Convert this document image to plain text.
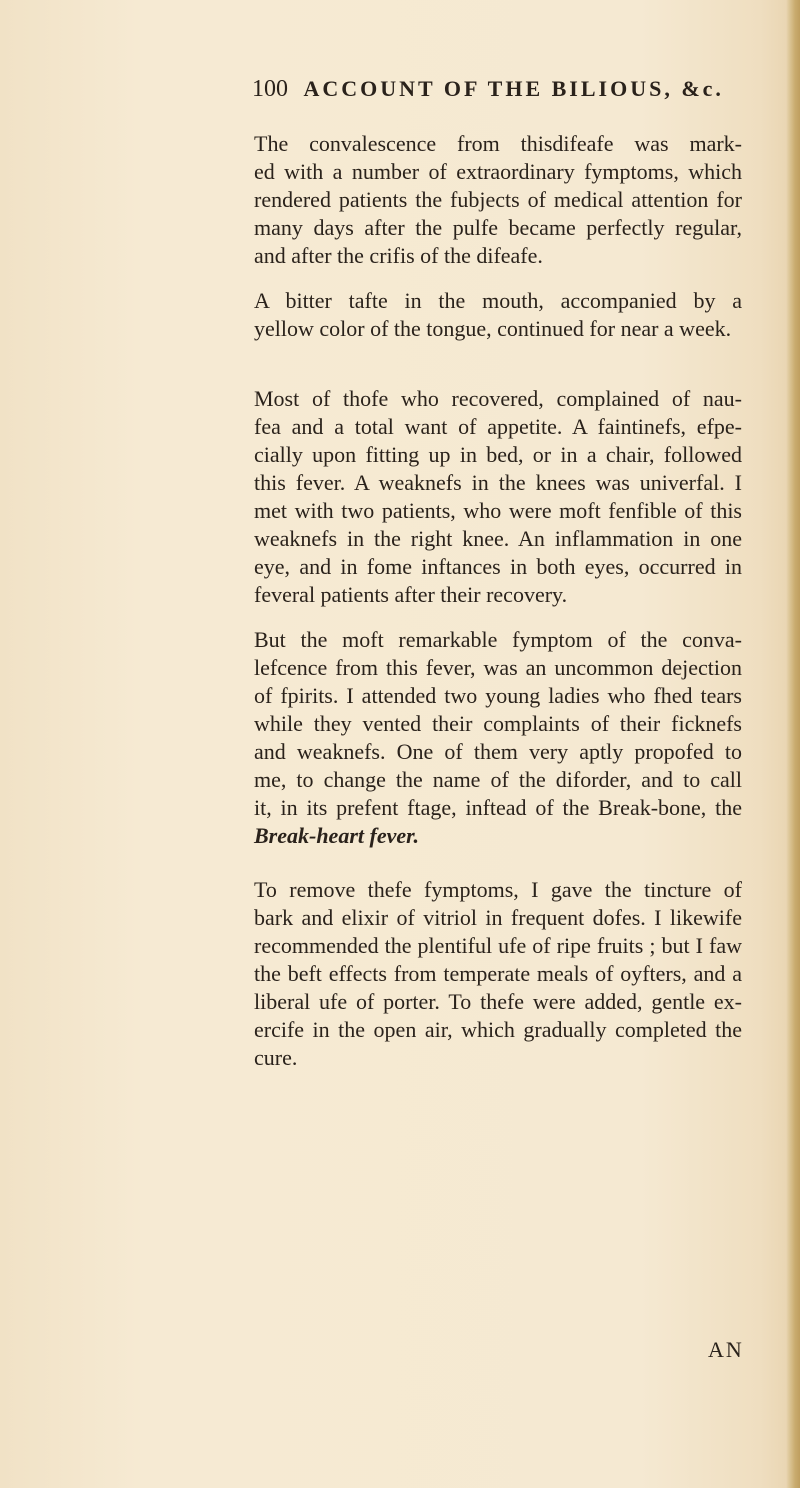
100 ACCOUNT OF THE BILIOUS, &c.
The convalescence from thisdifeafe was mark-
ed with a number of extraordinary fymptoms, which
rendered patients the fubjects of medical attention for
many days after the pulfe became perfectly regular,
and after the crifis of the difeafe.
A bitter tafte in the mouth, accompanied by a
yellow color of the tongue, continued for near a week.
Most of thofe who recovered, complained of nau-
fea and a total want of appetite. A faintinefs, efpe-
cially upon fitting up in bed, or in a chair, followed
this fever. A weaknefs in the knees was univerfal. I
met with two patients, who were moft fenfible of this
weaknefs in the right knee. An inflammation in one
eye, and in fome inftances in both eyes, occurred in
feveral patients after their recovery.
But the moft remarkable fymptom of the conva-
lefcence from this fever, was an uncommon dejection
of fpirits. I attended two young ladies who fhed tears
while they vented their complaints of their ficknefs
and weaknefs. One of them very aptly propofed to
me, to change the name of the diforder, and to call
it, in its prefent ftage, inftead of the Break-bone, the
Break-heart fever.
To remove thefe fymptoms, I gave the tincture of
bark and elixir of vitriol in frequent dofes. I likewife
recommended the plentiful ufe of ripe fruits ; but I faw
the beft effects from temperate meals of oyfters, and a
liberal ufe of porter. To thefe were added, gentle ex-
ercife in the open air, which gradually completed the
cure.
AN
